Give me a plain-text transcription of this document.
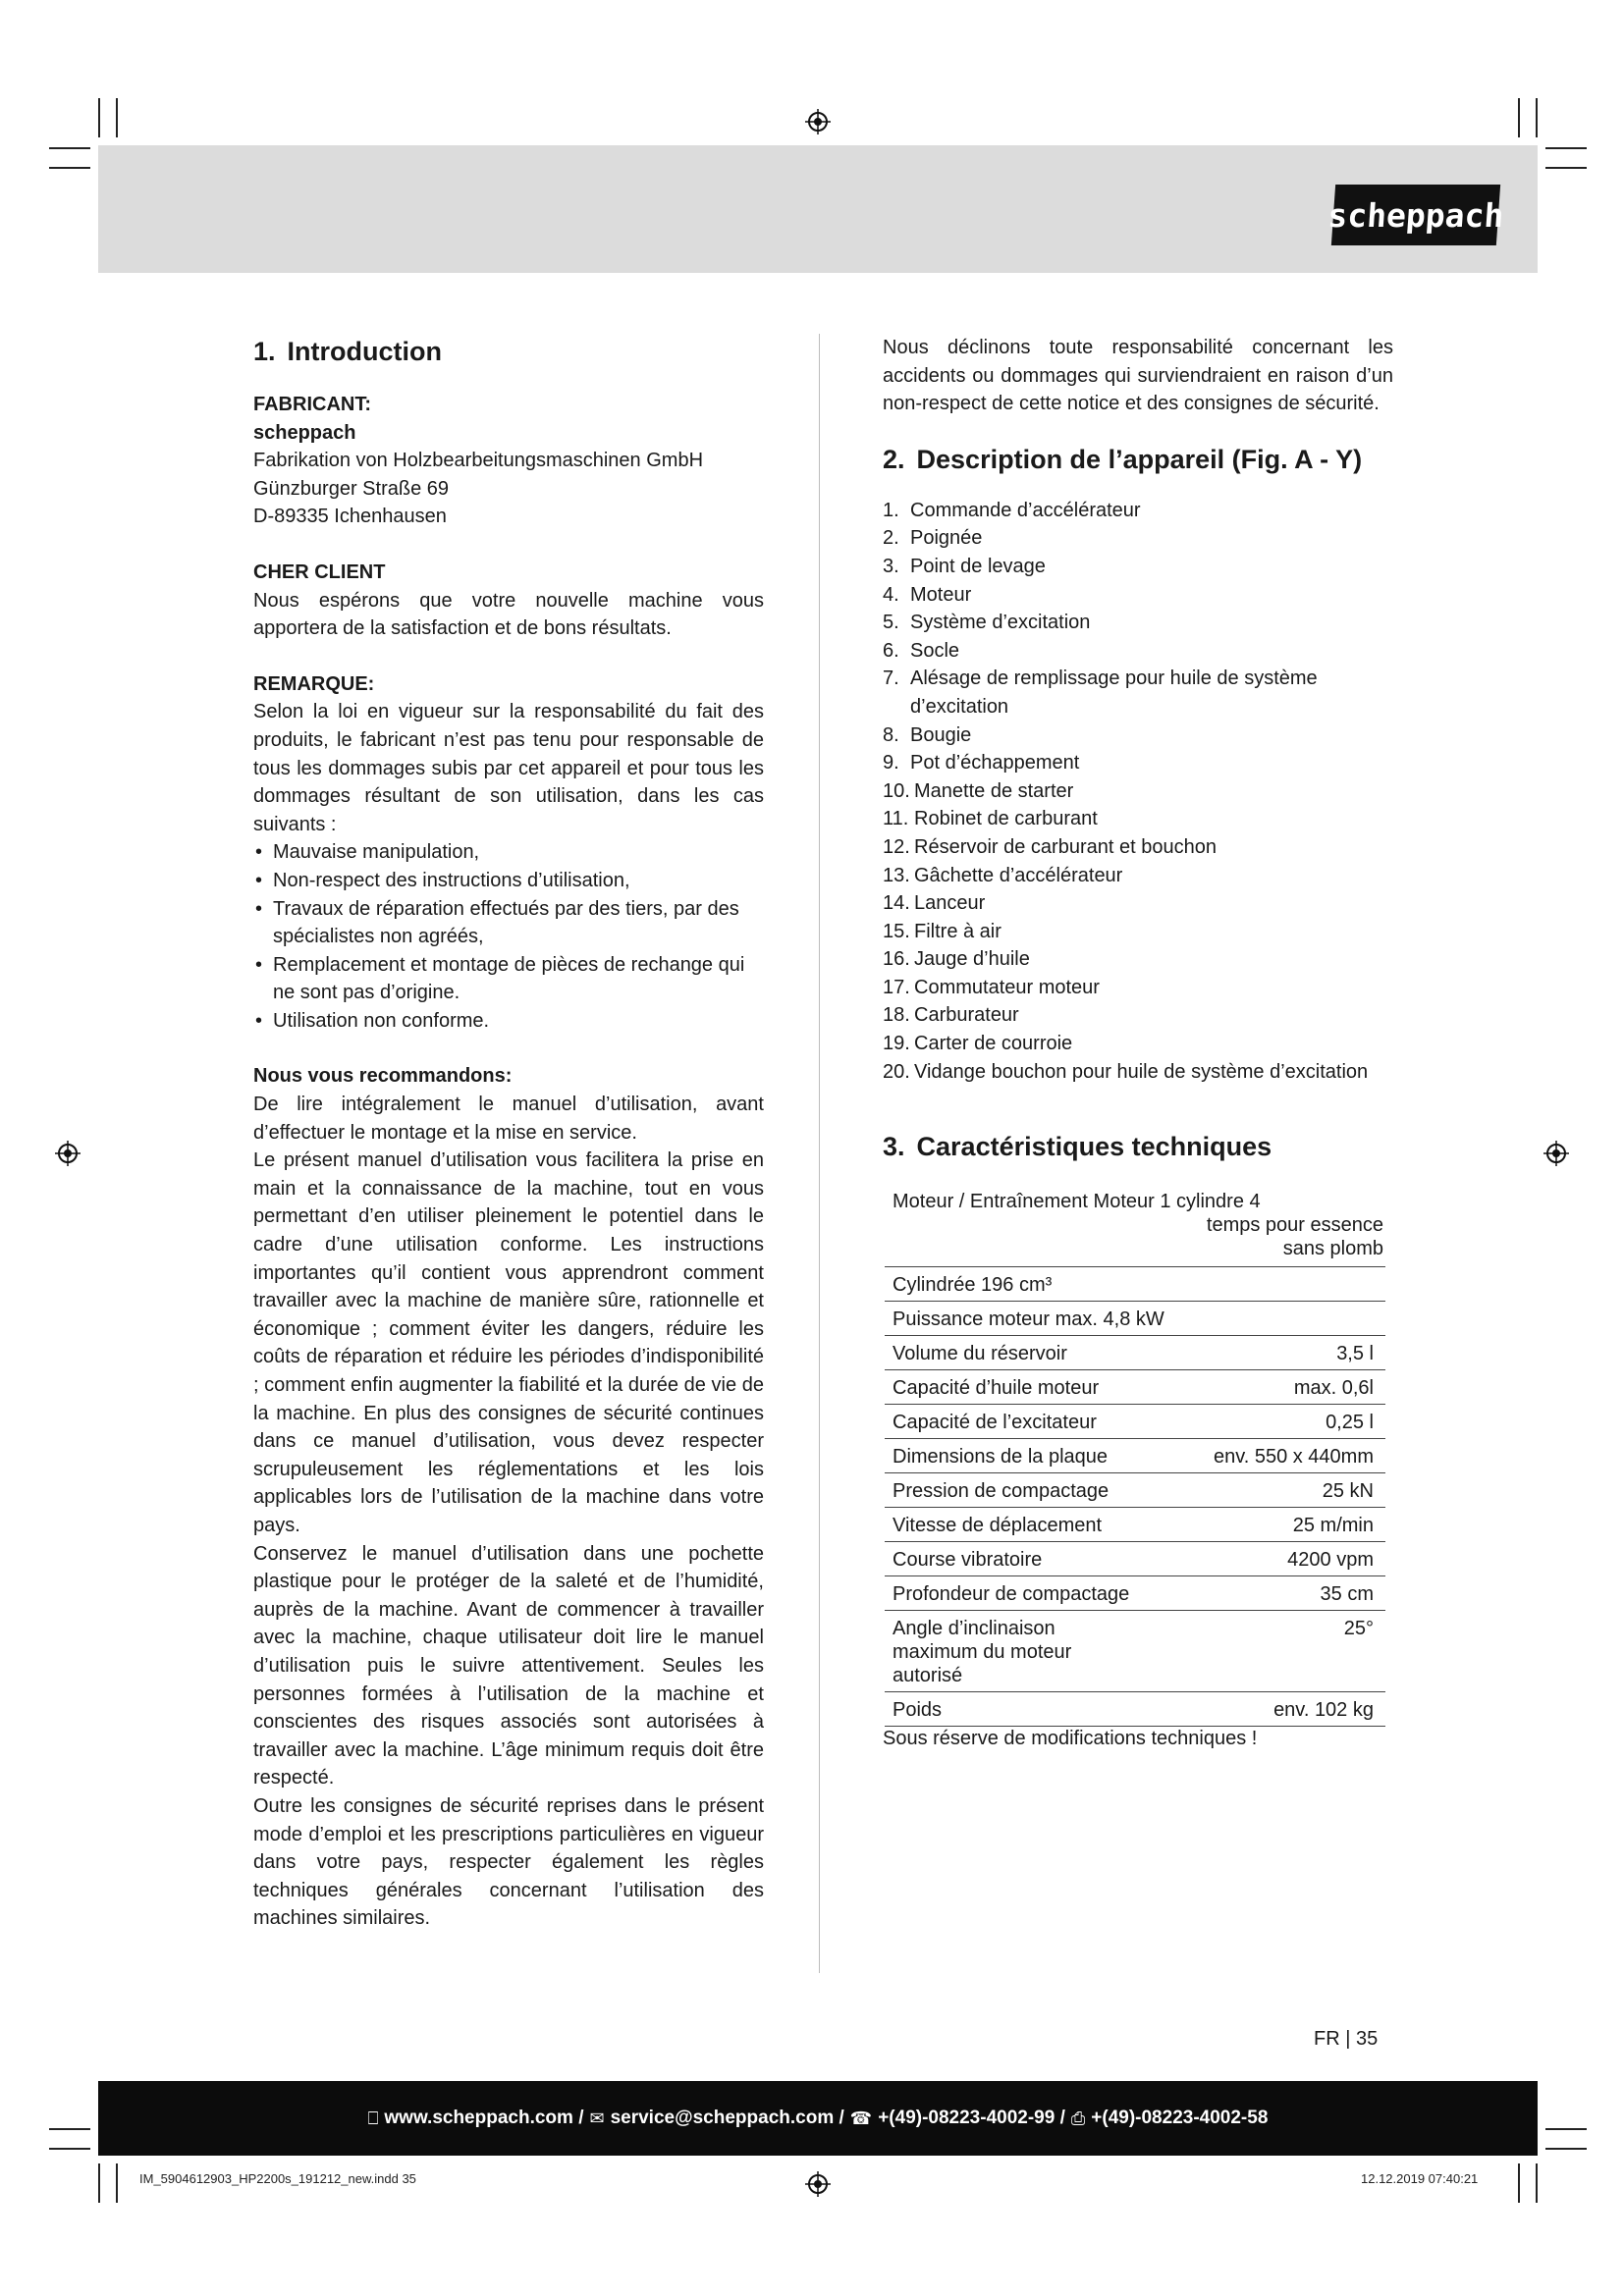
scheppach
1. Introduction
FABRICANT:
scheppach
Fabrikation von Holzbearbeitungsmaschinen GmbH
Günzburger Straße 69
D-89335 Ichenhausen
CHER CLIENT

Nous espérons que votre nouvelle machine vous apportera de la satisfaction et de bons résultats.

REMARQUE:

Selon la loi en vigueur sur la responsabilité du fait des produits, le fabricant n’est pas tenu pour responsable de tous les dommages subis par cet appareil et pour tous les dommages résultant de son utilisation, dans les cas suivants :

• Mauvaise manipulation,
• Non-respect des instructions d’utilisation,
• Travaux de réparation effectués par des tiers, par des spécialistes non agréés,
• Remplacement et montage de pièces de rechange qui ne sont pas d’origine.
• Utilisation non conforme.
Nous vous recommandons:

De lire intégralement le manuel d’utilisation, avant d’effectuer le montage et la mise en service.

Le présent manuel d’utilisation vous facilitera la prise en main et la connaissance de la machine, tout en vous permettant d’en utiliser pleinement le potentiel dans le cadre d’une utilisation conforme. Les instructions importantes qu’il contient vous apprendront comment travailler avec la machine de manière sûre, rationnelle et économique ; comment éviter les dangers, réduire les coûts de réparation et réduire les périodes d’indisponibilité ; comment enfin augmenter la fiabilité et la durée de vie de la machine. En plus des consignes de sécurité continues dans ce manuel d’utilisation, vous devez respecter scrupuleusement les réglementations et les lois applicables lors de l’utilisation de la machine dans votre pays.

Conservez le manuel d’utilisation dans une pochette plastique pour le protéger de la saleté et de l’humidité, auprès de la machine. Avant de commencer à travailler avec la machine, chaque utilisateur doit lire le manuel d’utilisation puis le suivre attentivement. Seules les personnes formées à l’utilisation de la machine et conscientes des risques associés sont autorisées à travailler avec la machine. L’âge minimum requis doit être respecté.

Outre les consignes de sécurité reprises dans le présent mode d’emploi et les prescriptions particulières en vigueur dans votre pays, respecter également les règles techniques générales concernant l’utilisation des machines similaires.

Nous déclinons toute responsabilité concernant les accidents ou dommages qui surviendraient en raison d’un non-respect de cette notice et des consignes de sécurité.

2. Description de l’appareil (Fig. A - Y)
1. Commande d’accélérateur
2. Poignée
3. Point de levage
4. Moteur
5. Système d’excitation
6. Socle
7. Alésage de remplissage pour huile de système d’excitation
8. Bougie
9. Pot d’échappement
10. Manette de starter
11. Robinet de carburant
12. Réservoir de carburant et bouchon
13. Gâchette d’accélérateur
14. Lanceur
15. Filtre à air
16. Jauge d’huile
17. Commutateur moteur
18. Carburateur
19. Carter de courroie
20. Vidange bouchon pour huile de système d’excitation
3. Caractéristiques techniques
Moteur / Entraînement Moteur 1 cylindre 4
temps pour essence
sans plomb
Cylindrée 196 cm³
Puissance moteur max. 4,8 kW
Volume du réservoir	3,5 l
Capacité d’huile moteur	max. 0,6l
Capacité de l’excitateur	0,25 l
Dimensions de la plaque	env. 550 x 440mm
Pression de compactage	25 kN
Vitesse de déplacement	25 m/min
Course vibratoire	4200 vpm
Profondeur de compactage	35 cm
Angle d’inclinaison maximum du moteur autorisé	25°
Poids	env. 102 kg

Sous réserve de modifications techniques !

FR | 35
⎕ www.scheppach.com / ✉ service@scheppach.com / ☎ +(49)-08223-4002-99 / ⎙ +(49)-08223-4002-58
IM_5904612903_HP2200s_191212_new.indd 35	12.12.2019 07:40:21
